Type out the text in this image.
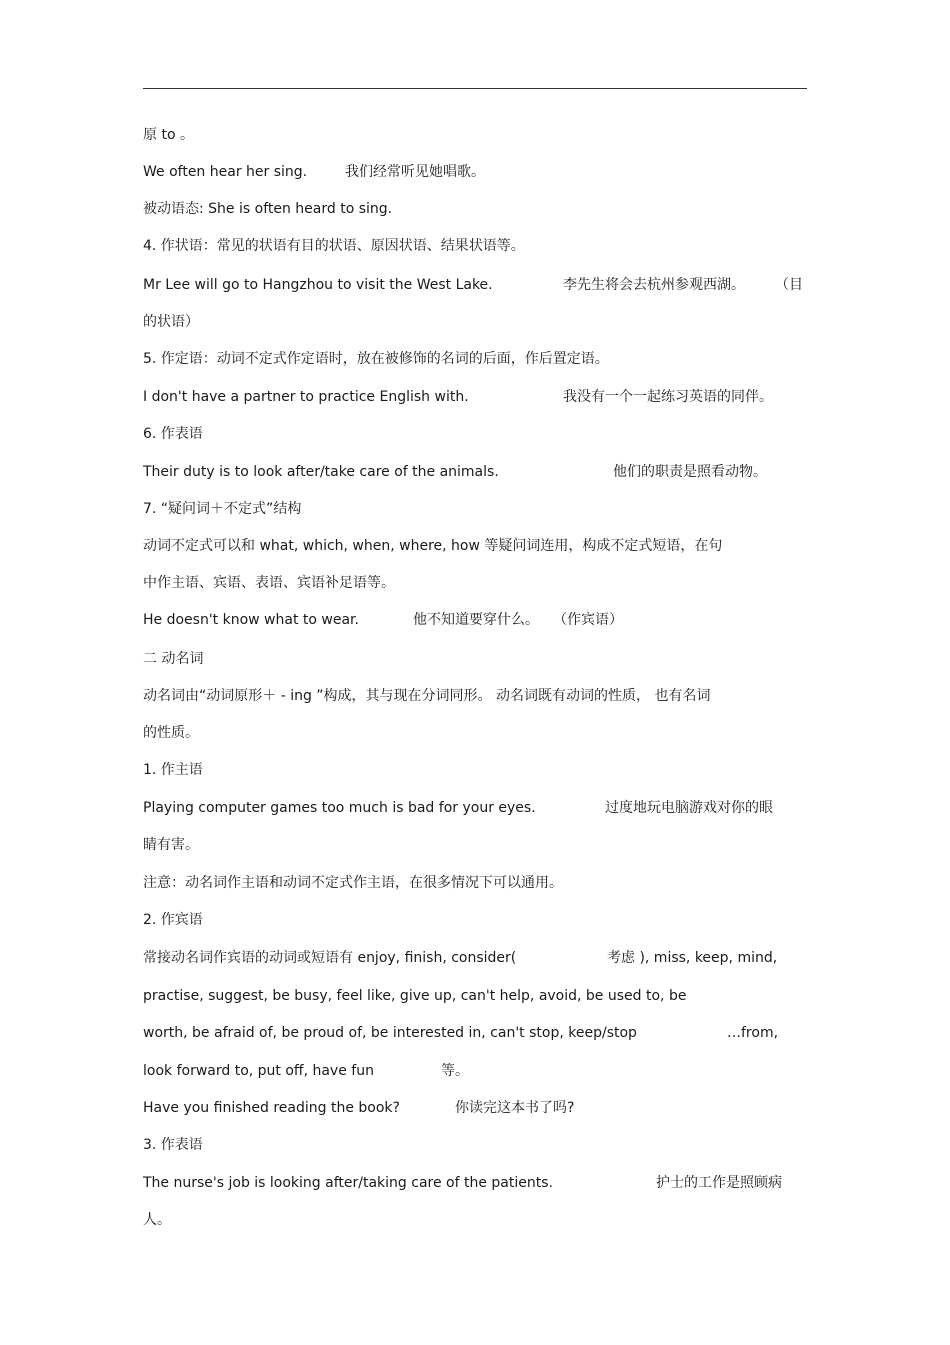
原 to 。
We often hear her sing.	我们经常听见她唱歌。
被动语态: She is often heard to sing.
4. 作状语：常见的状语有目的状语、原因状语、结果状语等。
Mr Lee will go to Hangzhou to visit the West Lake.	李先生将会去杭州参观西湖。 （目
的状语）
5. 作定语：动词不定式作定语时，放在被修饰的名词的后面，作后置定语。
I don't have a partner to practice English with.	我没有一个一起练习英语的同伴。
6. 作表语
Their duty is to look after/take care of the animals.	他们的职责是照看动物。
7. “疑问词＋不定式”结构
动词不定式可以和 what, which, when, where, how 等疑问词连用，构成不定式短语，在句
中作主语、宾语、表语、宾语补足语等。
He doesn't know what to wear.	他不知道要穿什么。 （作宾语）
二 动名词
动名词由“动词原形＋ - ing ”构成，其与现在分词同形。 动名词既有动词的性质， 也有名词
的性质。
1. 作主语
Playing computer games too much is bad for your eyes.	过度地玩电脑游戏对你的眼
睛有害。
注意：动名词作主语和动词不定式作主语，在很多情况下可以通用。
2. 作宾语
常接动名词作宾语的动词或短语有 enjoy, finish, consider(	考虑 ), miss, keep, mind,
practise, suggest, be busy, feel like, give up, can't help, avoid, be used to, be
worth, be afraid of, be proud of, be interested in, can't stop, keep/stop	…from,
look forward to, put off, have fun	等。
Have you finished reading the book?	你读完这本书了吗?
3. 作表语
The nurse's job is looking after/taking care of the patients.	护士的工作是照顾病
人。
